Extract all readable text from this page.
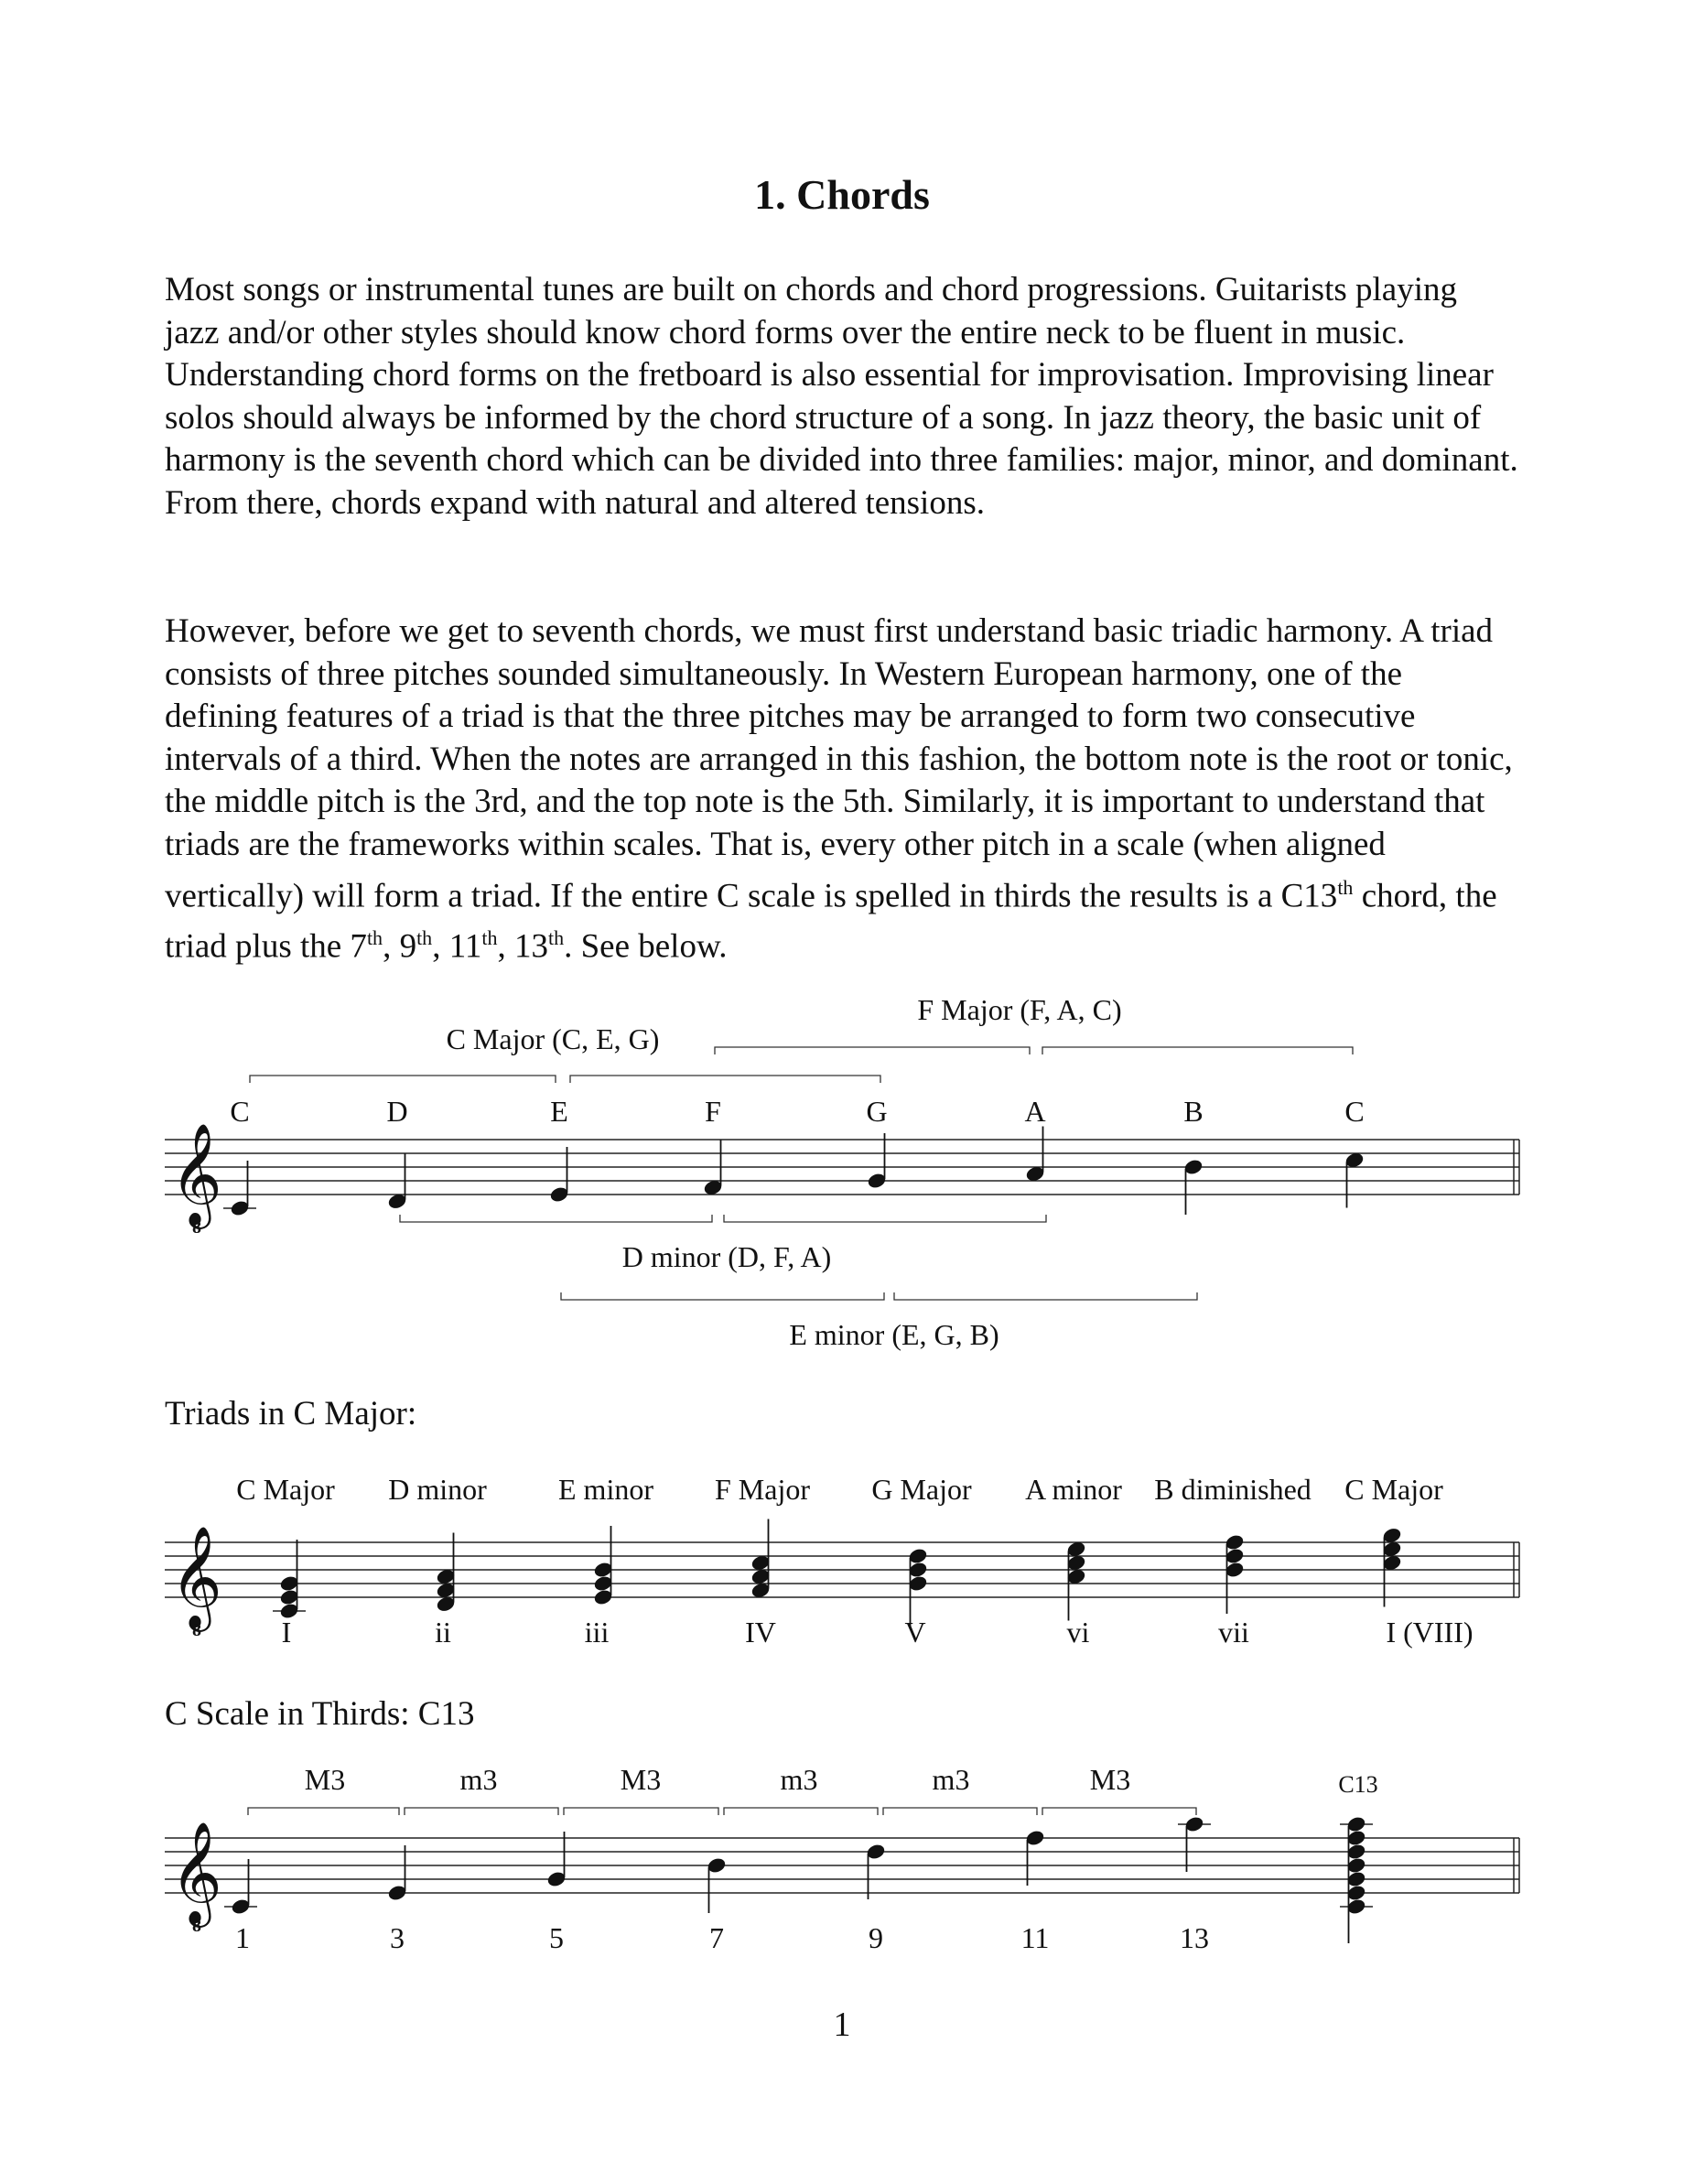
1. Chords

Most songs or instrumental tunes are built on chords and chord progressions. Guitarists playing jazz and/or other styles should know chord forms over the entire neck to be fluent in music. Understanding chord forms on the fretboard is also essential for improvisation. Improvising linear solos should always be informed by the chord structure of a song. In jazz theory, the basic unit of harmony is the seventh chord which can be divided into three families: major, minor, and dominant. From there, chords expand with natural and altered tensions.

However, before we get to seventh chords, we must first understand basic triadic harmony. A triad consists of three pitches sounded simultaneously. In Western European harmony, one of the defining features of a triad is that the three pitches may be arranged to form two consecutive intervals of a third. When the notes are arranged in this fashion, the bottom note is the root or tonic, the middle pitch is the 3rd, and the top note is the 5th. Similarly, it is important to understand that triads are the frameworks within scales. That is, every other pitch in a scale (when aligned vertically) will form a triad. If the entire C scale is spelled in thirds the results is a C13th chord, the triad plus the 7th, 9th, 11th, 13th. See below.

C Major (C, E, G)
F Major (F, A, C)
D minor (D, F, A)
E minor (E, G, B)
𝄞
8
C	D	E	F	G	A	B	C
Triads in C Major:
𝄞
8
C Major
I
D minor
ii
E minor
iii
F Major
IV
G Major
V
A minor
vi
B diminished
vii
C Major
I (VIII)
C Scale in Thirds: C13
𝄞
8 1	3	5	7	9	11	13
M3	m3	M3	m3	m3	M3	C13
1
